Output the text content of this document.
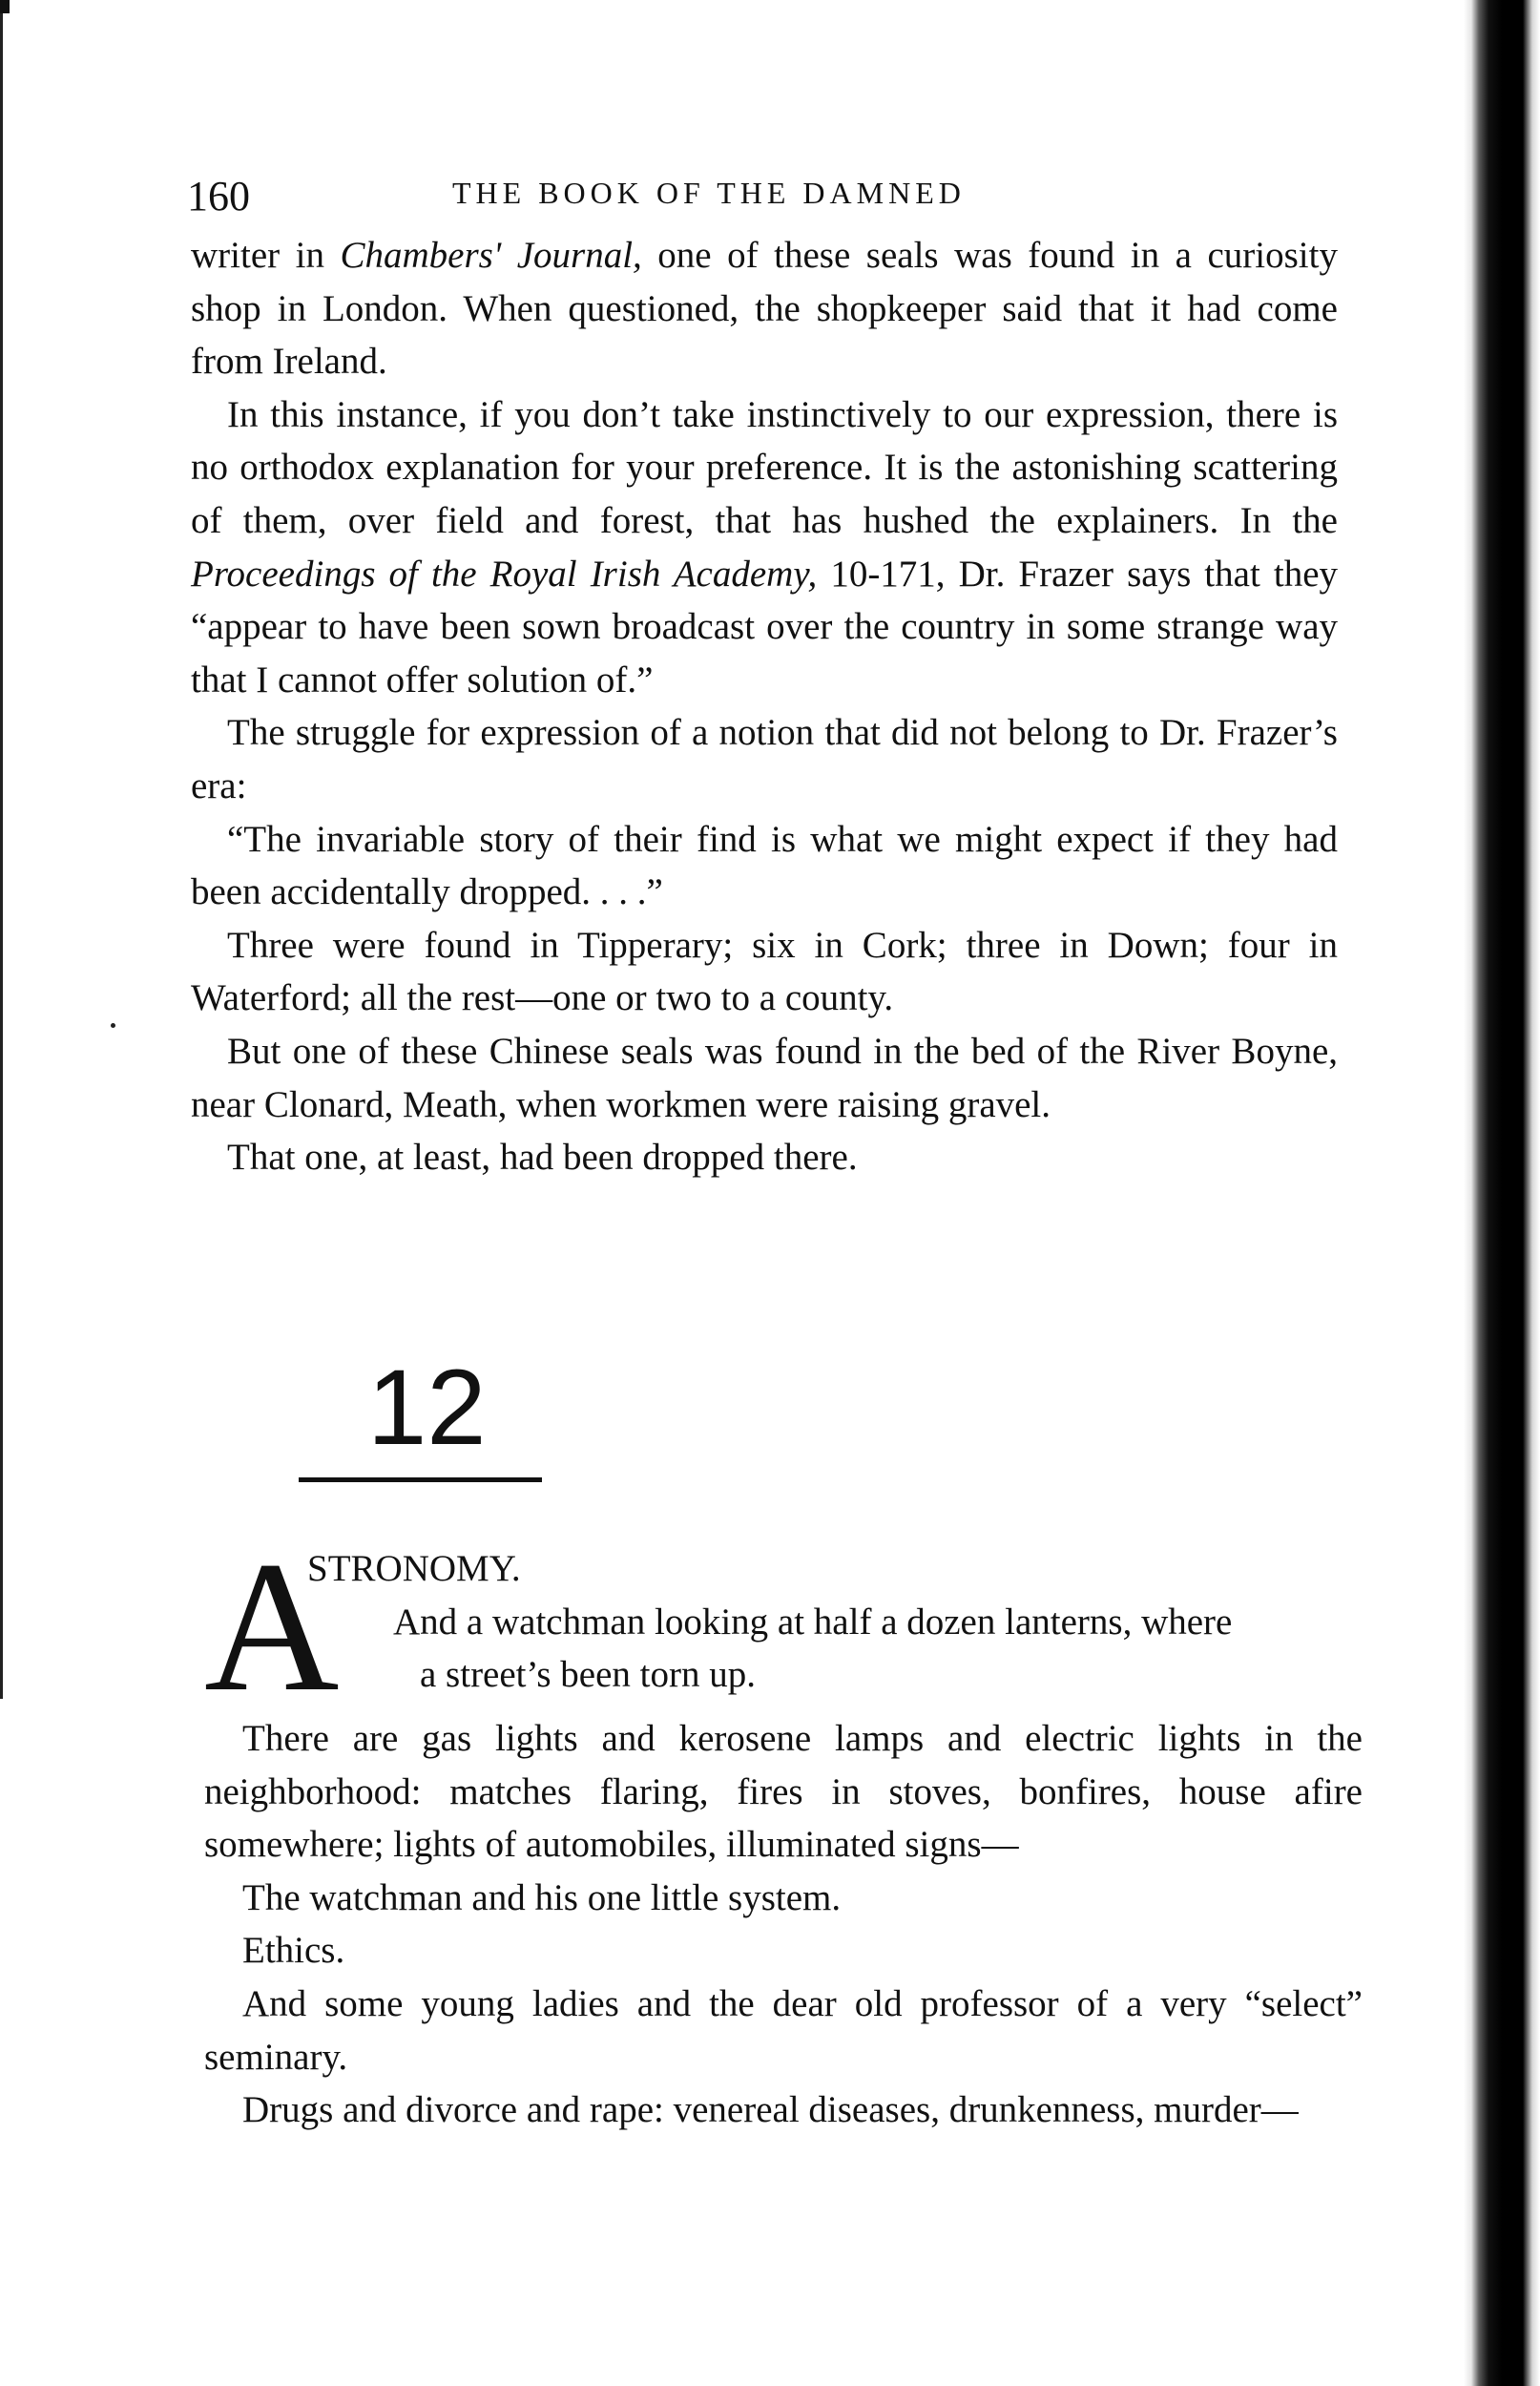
160	THE BOOK OF THE DAMNED

writer in Chambers' Journal, one of these seals was found in a curiosity shop in London. When questioned, the shopkeeper said that it had come from Ireland.

In this instance, if you don’t take instinctively to our expression, there is no orthodox explanation for your preference. It is the astonishing scattering of them, over field and forest, that has hushed the explainers. In the Proceedings of the Royal Irish Academy, 10-171, Dr. Frazer says that they “appear to have been sown broadcast over the country in some strange way that I cannot offer solution of.”

The struggle for expression of a notion that did not belong to Dr. Frazer’s era:

“The invariable story of their find is what we might expect if they had been accidentally dropped. . . .”

Three were found in Tipperary; six in Cork; three in Down; four in Waterford; all the rest—one or two to a county.

But one of these Chinese seals was found in the bed of the River Boyne, near Clonard, Meath, when workmen were raising gravel.

That one, at least, had been dropped there.

12
A
STRONOMY.
And a watchman looking at half a dozen lanterns, where
a street’s been torn up.

There are gas lights and kerosene lamps and electric lights in the neighborhood: matches flaring, fires in stoves, bonfires, house afire somewhere; lights of automobiles, illuminated signs—

The watchman and his one little system.

Ethics.

And some young ladies and the dear old professor of a very “select” seminary.

Drugs and divorce and rape: venereal diseases, drunkenness, murder—
